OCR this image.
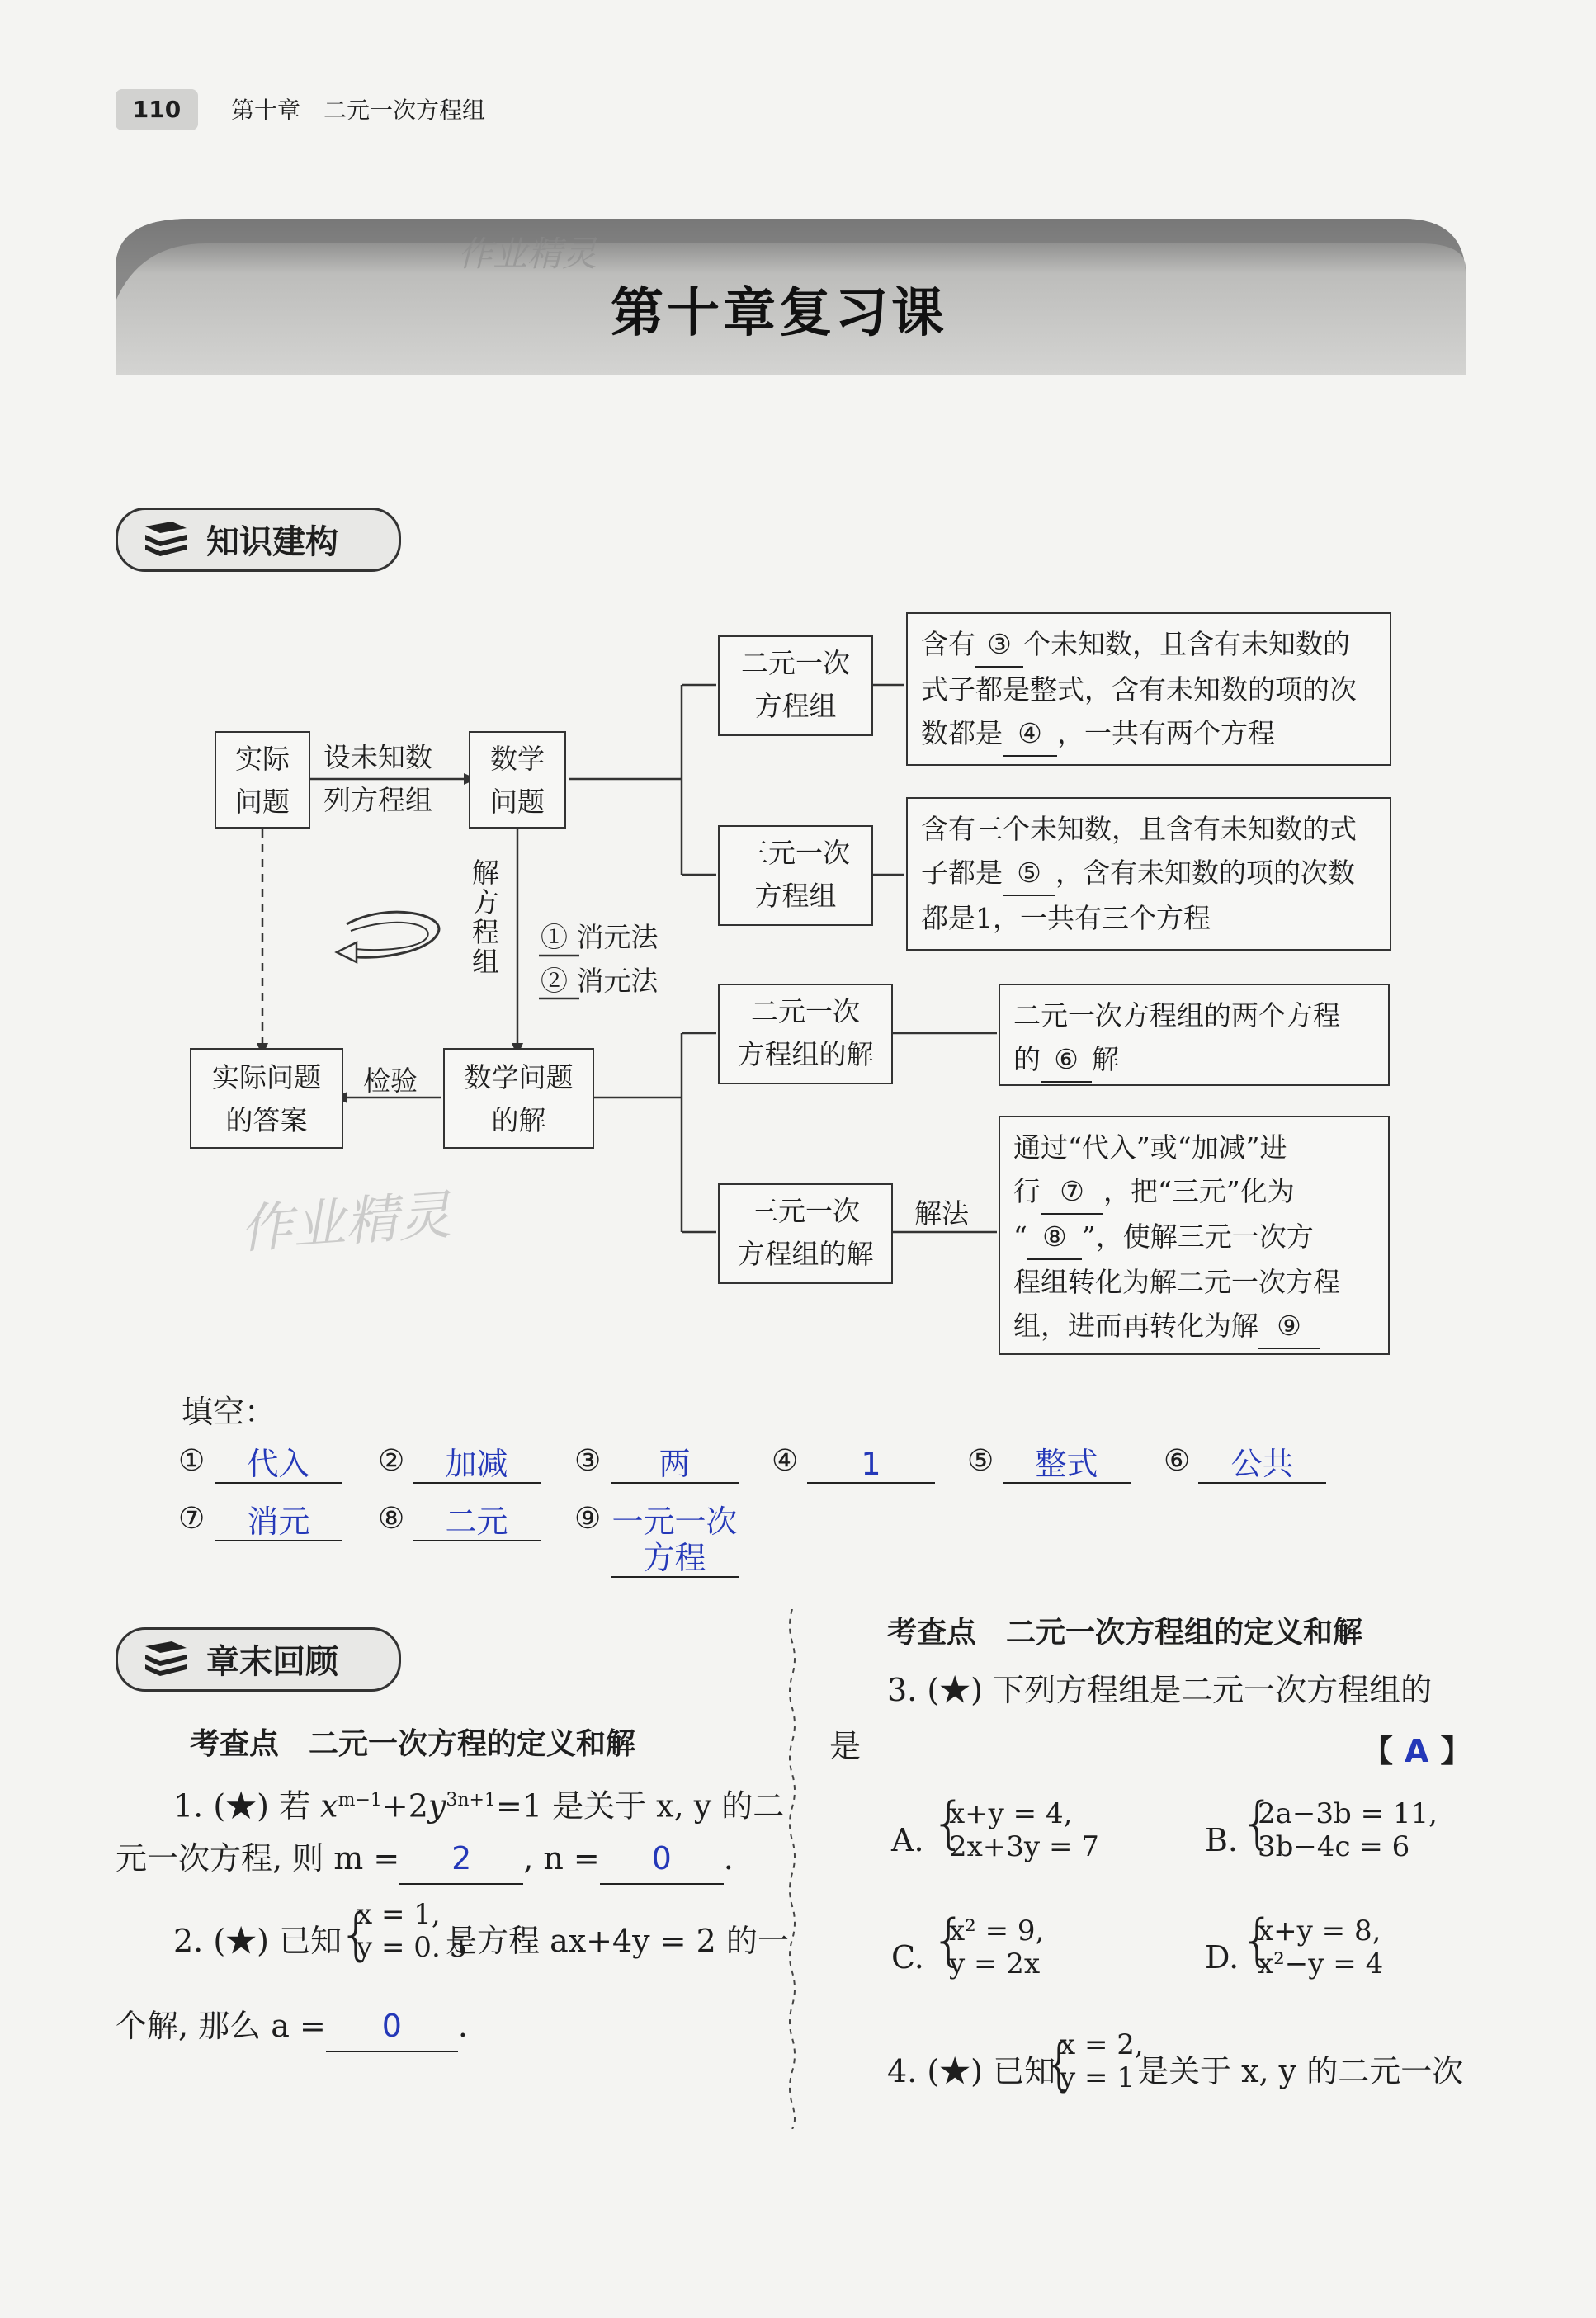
110	第十章　二元一次方程组
作业精灵
第十章复习课
知识建构
实际
问题
设未知数
列方程组
数学
问题
解
方
程
组
① 消元法
② 消元法
实际问题
的答案
检验	数学问题
的解
二元一次
方程组
三元一次
方程组
二元一次
方程组的解
三元一次
方程组的解
解法
含有 ③ 个未知数，且含有未知数的
式子都是整式，含有未知数的项的次
数都是 ④ ，一共有两个方程
含有三个未知数，且含有未知数的式
子都是 ⑤ ，含有未知数的项的次数
都是1，一共有三个方程
二元一次方程组的两个方程
的 ⑥ 解
通过“代入”或“加减”进
行 ⑦ ，把“三元”化为
“ ⑧ ”，使解三元一次方
程组转化为解二元一次方程
组，进而再转化为解 ⑨
作业精灵
填空：
①	代入	②	加减	③	两	④	1	⑤	整式	⑥	公共
⑦	消元	⑧	二元	⑨ 一元一次方程
章末回顾
考查点　二元一次方程的定义和解
1. (★) 若 $x^{m-1}+2y^{3n+1}=1$ 是关于 x, y 的二
元一次方程, 则 m = 2 , n = 0 .
2. (★) 已知
{
x = 1,
y = 0. 5
是方程 ax+4y = 2 的一
个解, 那么 a = 0 .
考查点　二元一次方程组的定义和解
3. (★) 下列方程组是二元一次方程组的
是	【 A 】
A. {
x+y = 4,
2x+3y = 7	B. {
2a−3b = 11,
3b−4c = 6
C. {
x² = 9,
y = 2x	D. {
x+y = 8,
x²−y = 4
4. (★) 已知
{
x = 2,
y = 1 是关于 x, y 的二元一次
